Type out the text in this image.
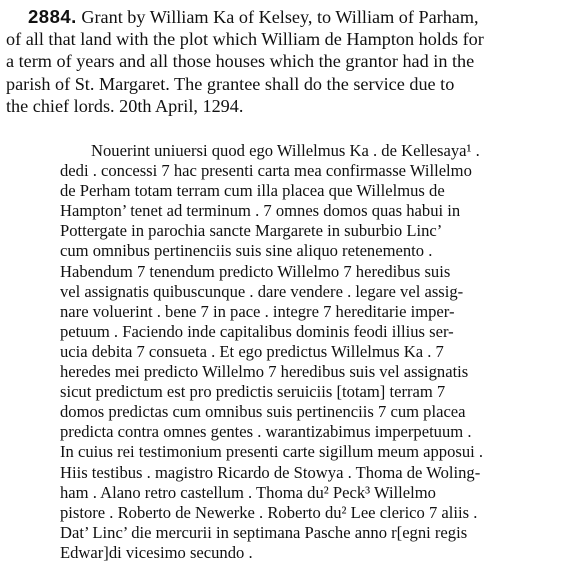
2884. Grant by William Ka of Kelsey, to William of Parham,
of all that land with the plot which William de Hampton holds for
a term of years and all those houses which the grantor had in the
parish of St. Margaret. The grantee shall do the service due to
the chief lords. 20th April, 1294.
Nouerint uniuersi quod ego Willelmus Ka . de Kellesaya¹ .
dedi . concessi 7 hac presenti carta mea confirmasse Willelmo
de Perham totam terram cum illa placea que Willelmus de
Hampton’ tenet ad terminum . 7 omnes domos quas habui in
Pottergate in parochia sancte Margarete in suburbio Linc’
cum omnibus pertinenciis suis sine aliquo retenemento .
Habendum 7 tenendum predicto Willelmo 7 heredibus suis
vel assignatis quibuscunque . dare vendere . legare vel assig-
nare voluerint . bene 7 in pace . integre 7 hereditarie imper-
petuum . Faciendo inde capitalibus dominis feodi illius ser-
ucia debita 7 consueta . Et ego predictus Willelmus Ka . 7
heredes mei predicto Willelmo 7 heredibus suis vel assignatis
sicut predictum est pro predictis seruiciis [totam] terram 7
domos predictas cum omnibus suis pertinenciis 7 cum placea
predicta contra omnes gentes . warantizabimus imperpetuum .
In cuius rei testimonium presenti carte sigillum meum apposui .
Hiis testibus . magistro Ricardo de Stowya . Thoma de Woling-
ham . Alano retro castellum . Thoma du² Peck³ Willelmo
pistore . Roberto de Newerke . Roberto du² Lee clerico 7 aliis .
Dat’ Linc’ die mercurii in septimana Pasche anno r[egni regis
Edwar]di vicesimo secundo .
